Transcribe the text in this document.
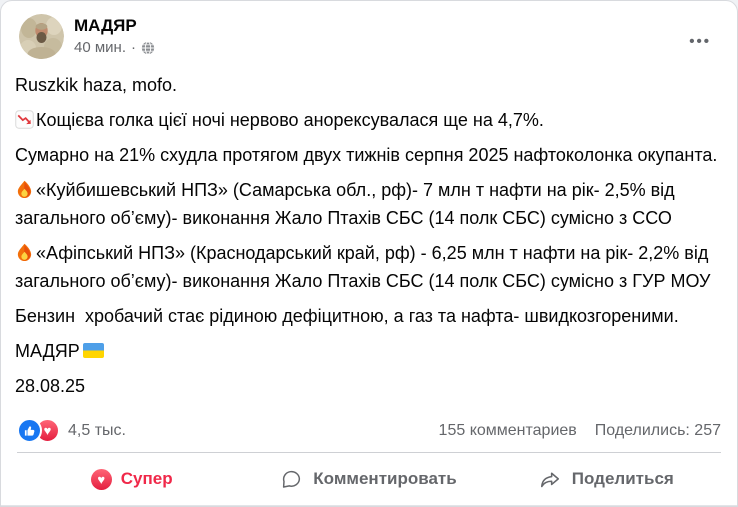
МАДЯР
40 мин. ·	•••

Ruszkik haza, mofo.

Кощієва голка цієї ночі нервово анорексувалася ще на 4,7%.

Сумарно на 21% схудла протягом двух тижнів серпня 2025 нафтоколонка окупанта.

«Куйбишевський НПЗ» (Самарська обл., рф)- 7 млн т нафти на рік- 2,5% від загального об’єму)- виконання Жало Птахів СБС (14 полк СБС) сумісно з ССО

«Афіпський НПЗ» (Краснодарський край, рф) - 6,25 млн т нафти на рік- 2,2% від загального об’єму)- виконання Жало Птахів СБС (14 полк СБС) сумісно з ГУР МОУ

Бензин  хробачий стає рідиною дефіцитною, а газ та нафта- швидкозгореними.

МАДЯР

28.08.25

♥ 4,5 тыс.	155 комментариев Поделились: 257
♥ Супер	Комментировать	Поделиться
